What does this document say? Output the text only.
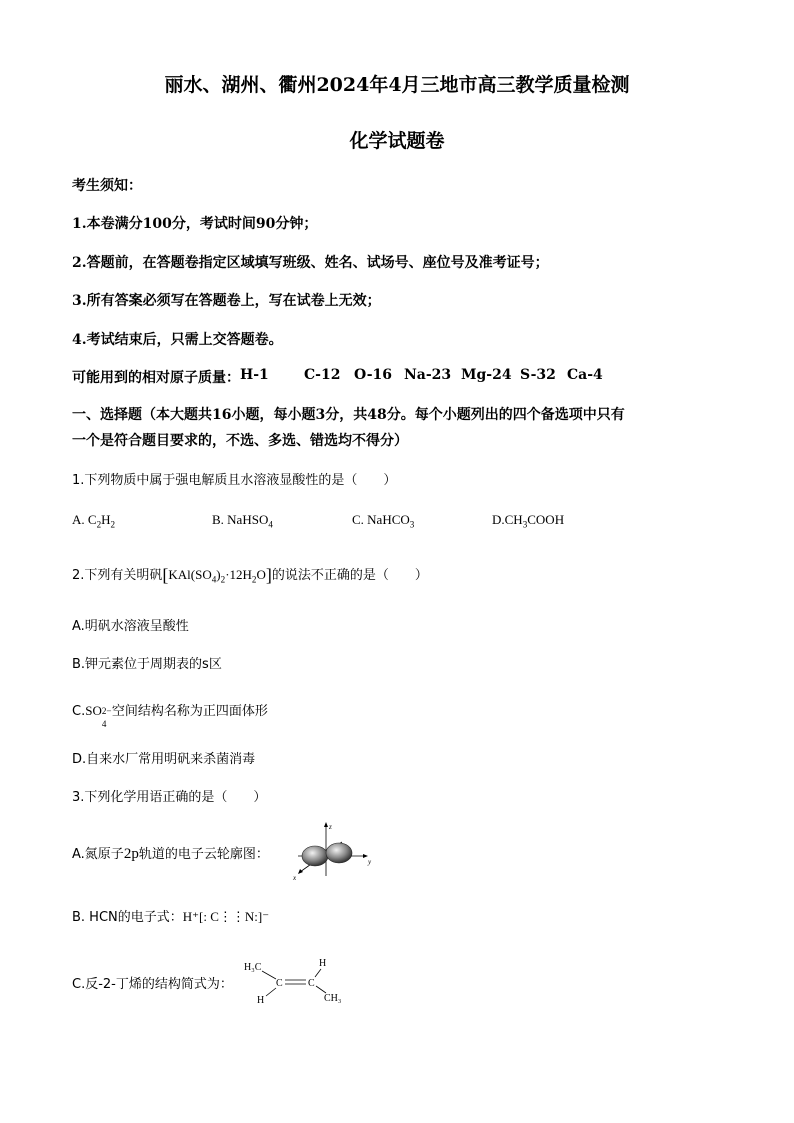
丽水、湖州、衢州2024年4月三地市高三教学质量检测
化学试题卷
考生须知：
1.本卷满分100分，考试时间90分钟；
2.答题前，在答题卷指定区域填写班级、姓名、试场号、座位号及准考证号；
3.所有答案必须写在答题卷上，写在试卷上无效；
4.考试结束后，只需上交答题卷。
可能用到的相对原子质量： H-1	C-12 O-16 Na-23 Mg-24 S-32 Ca-4
一、选择题（本大题共16小题，每小题3分，共48分。每个小题列出的四个备选项中只有
一个是符合题目要求的，不选、多选、错选均不得分）
1.下列物质中属于强电解质且水溶液显酸性的是（　　）
A. $C_2H_2$	B. NaHSO$_4$	C. NaHCO$_3$	$D.CH_3COOH$
2.下列有关明矾$[KAl(SO_4)_2\cdot 12H_2O]$的说法不正确的是（　　）
A.明矾水溶液呈酸性
B.钾元素位于周期表的s区
C.SO 2−
4
空间结构名称为正四面体形
D.自来水厂常用明矾来杀菌消毒
3.下列化学用语正确的是（　　）
A.氮原子2p轨道的电子云轮廓图：
z
y
x
B. HCN的电子式：H⁺[: C⋮⋮N:]⁻
C.反-2-丁烯的结构简式为：
H₃C
C
H
C
H
CH₃
